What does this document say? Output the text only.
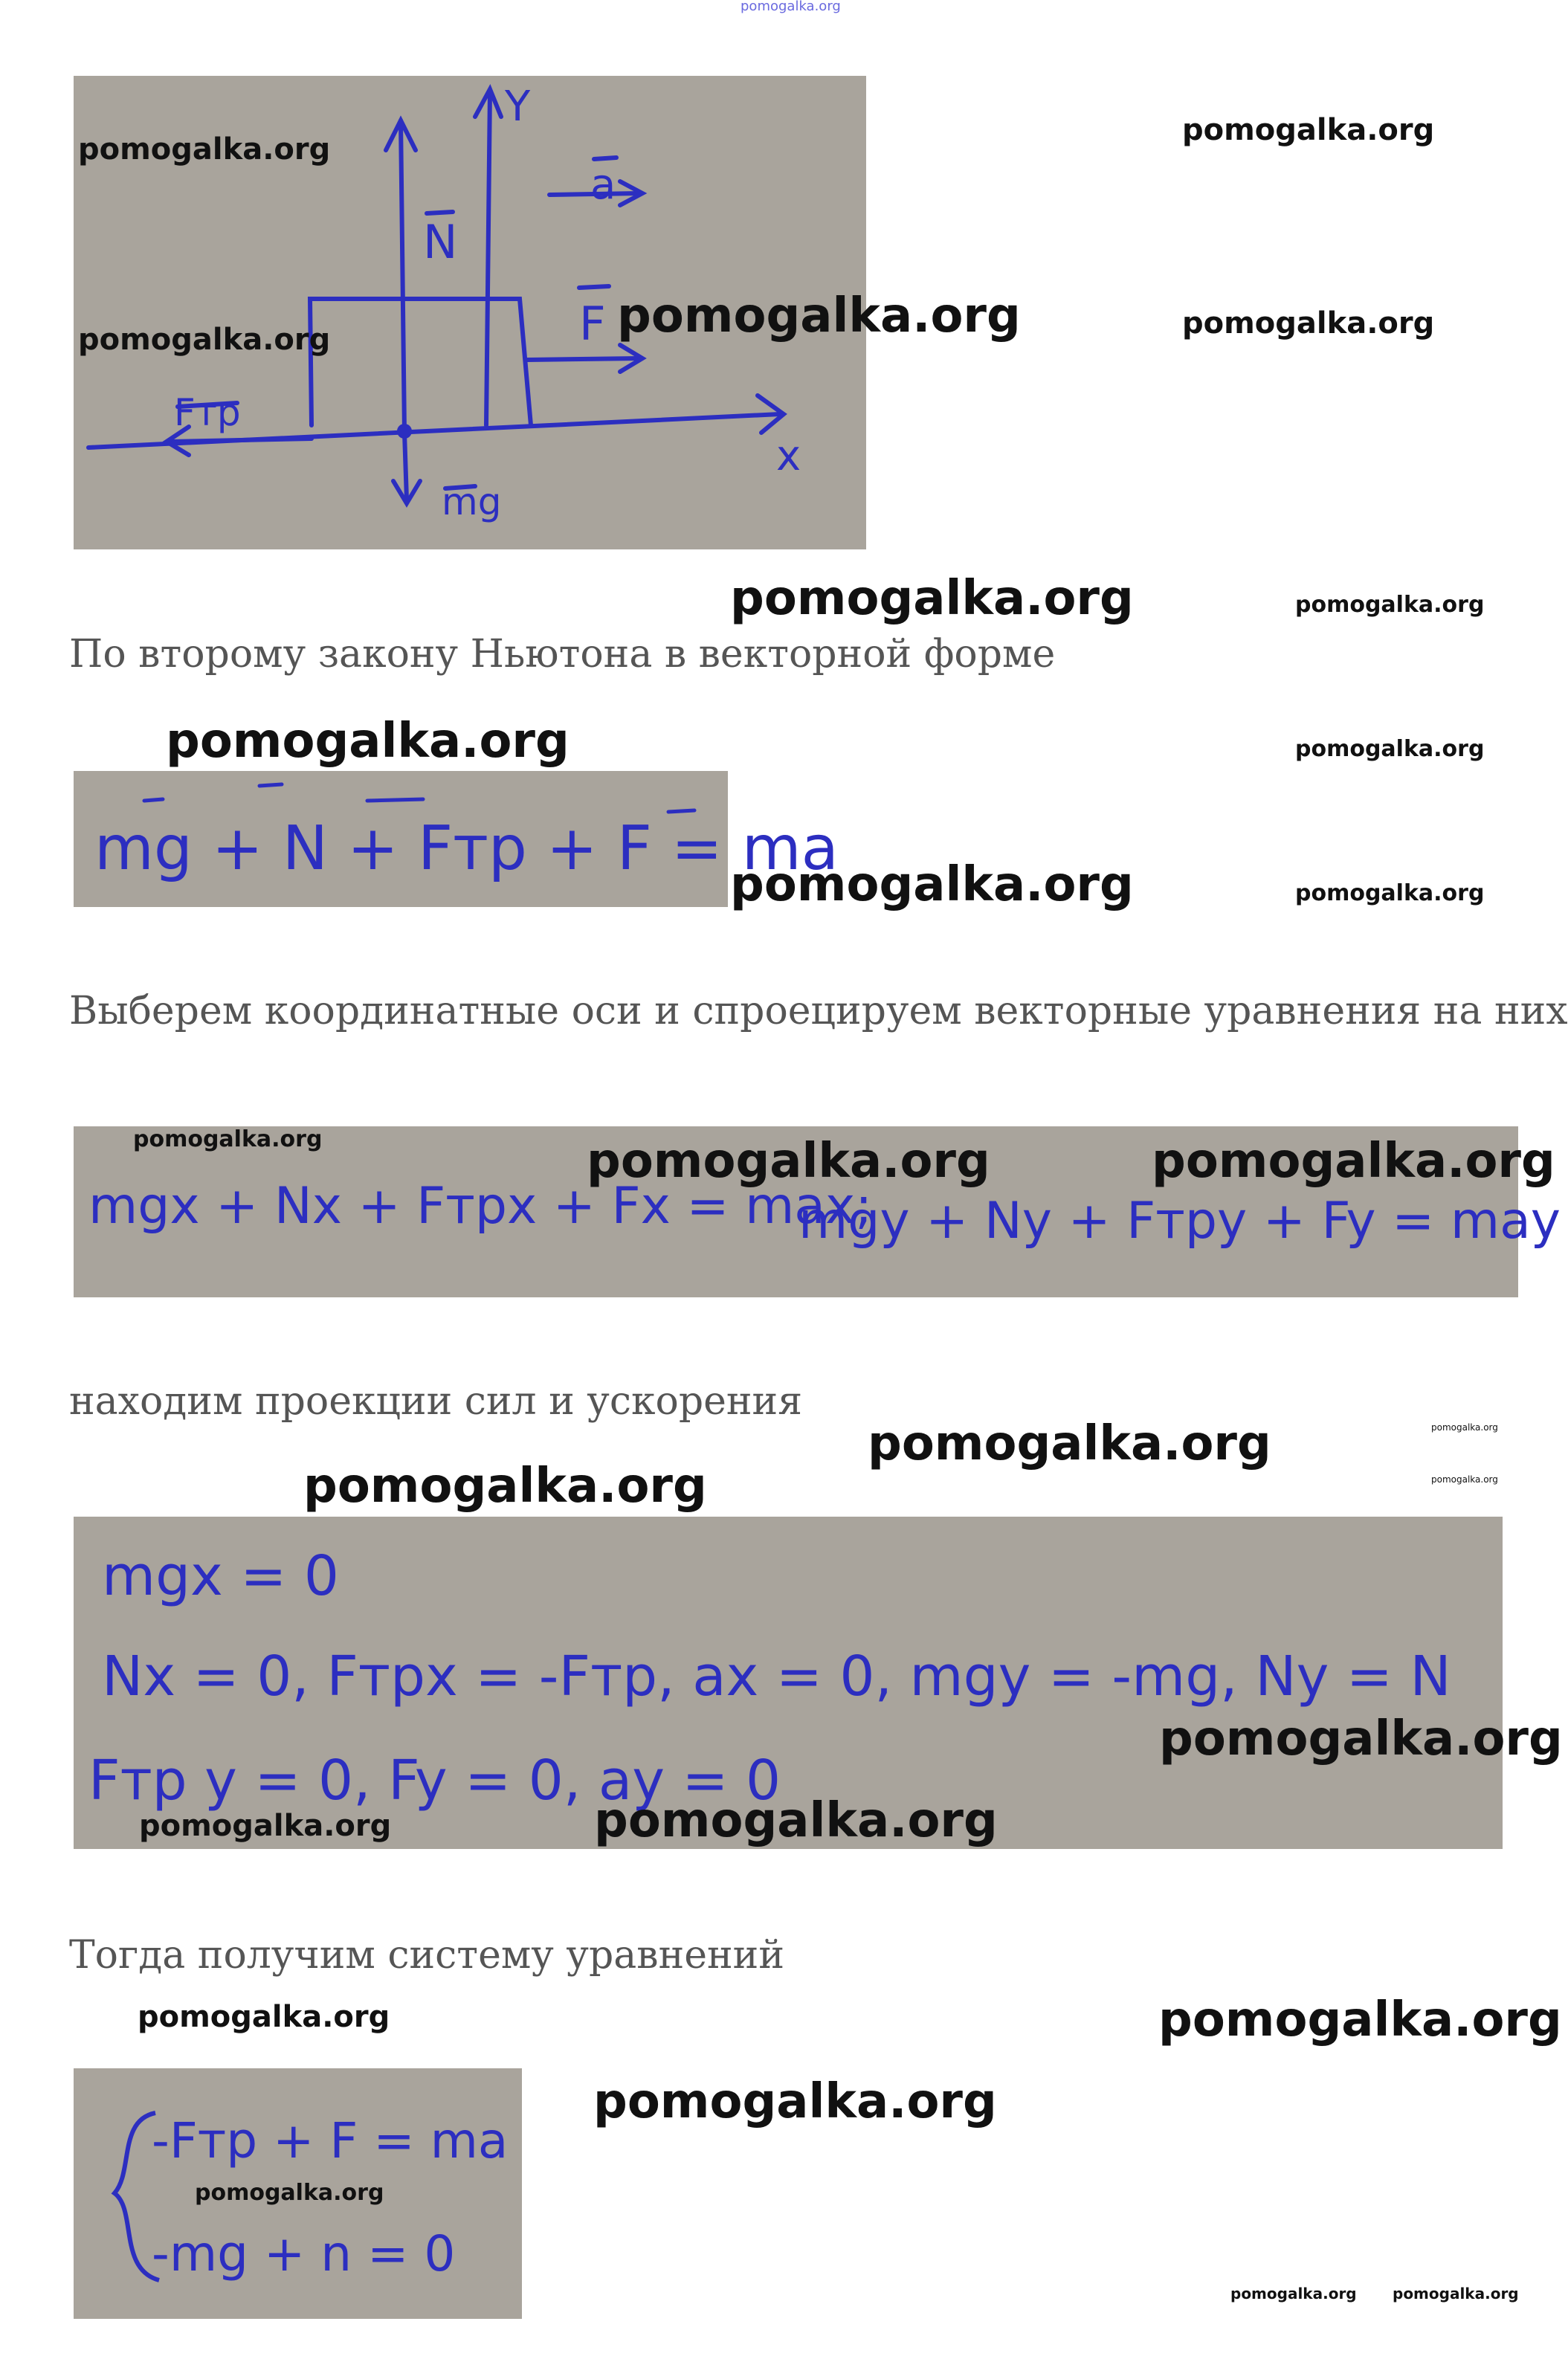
pomogalka.org
Y
x
a
N
F
Fтр
mg
pomogalka.org
pomogalka.org	pomogalka.org
pomogalka.org
pomogalka.org
pomogalka.org	pomogalka.org
По второму закону Ньютона в векторной форме
pomogalka.org	pomogalka.org
mg + N + Fтр + F = ma
pomogalka.org	pomogalka.org
Выберем координатные оси и спроецируем векторные уравнения на них
mgx + Nx + Fтрx + Fx = max;
mgy + Ny + Fтрy + Fy = may
pomogalka.org	pomogalka.org	pomogalka.org
находим проекции сил и ускорения
pomogalka.org	pomogalka.org
pomogalka.org
pomogalka.org
mgx = 0
Nx = 0, Fтрx = -Fтр, ax = 0, mgy = -mg, Ny = N
Fтр y = 0, Fy = 0, ay = 0
pomogalka.org
pomogalka.org	pomogalka.org
Тогда получим систему уравнений
pomogalka.org	pomogalka.org
pomogalka.org
-Fтр + F = ma
-mg + n = 0
pomogalka.org
pomogalka.org pomogalka.org
